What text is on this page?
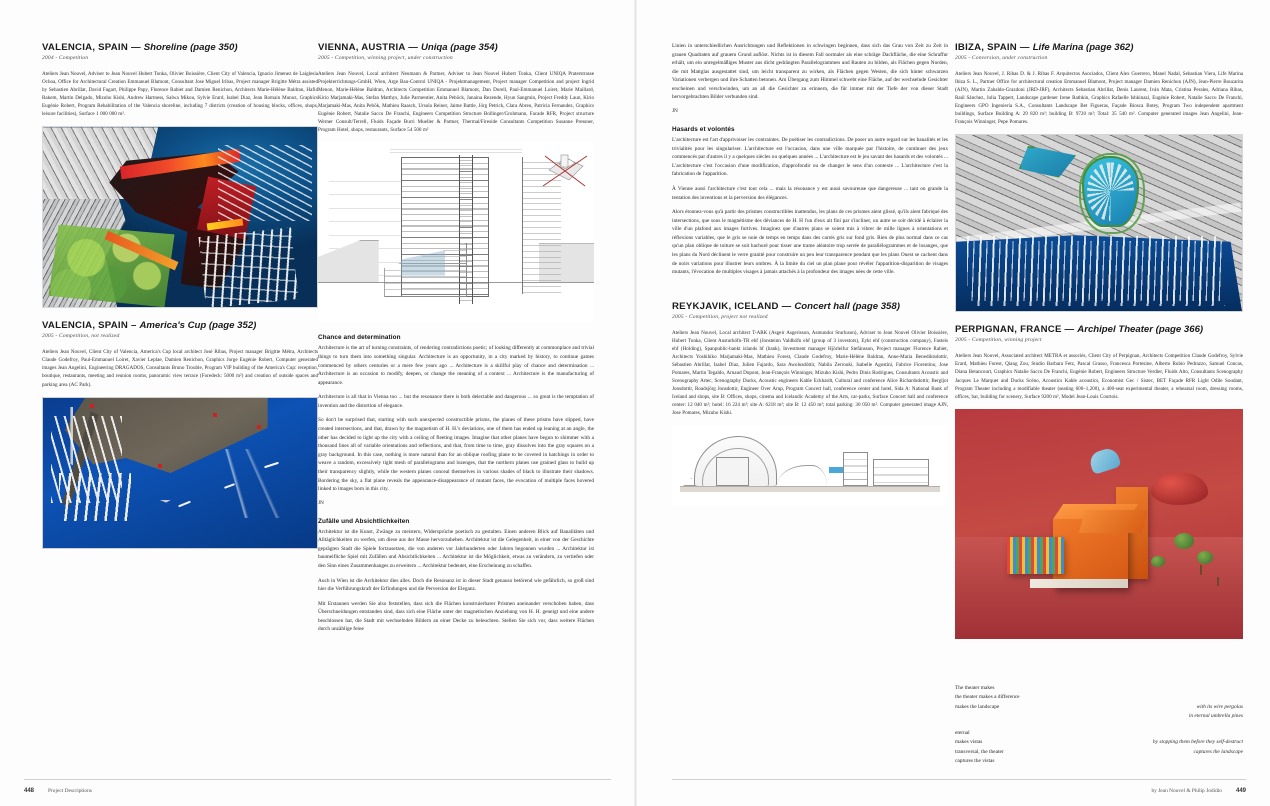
VALENCIA, SPAIN — Shoreline (page 350)
2004 - Competition
Ateliers Jean Nouvel, Adviser to Jean Nouvel Hubert Tonka, Olivier Boissière, Client City of Valencia, Ignacio Jimenez de Laiglesia Ochoa, Office for Architectural Creation Emmanuel Blamont, Consultant Jose Miguel Iribas, Project manager Brigitte Métra assisted by Sebastien Abrillat, David Fagart, Philippe Papy, Florence Rabiet and Damien Renichon, Architects Marie-Hélène Baldran, Hafid Rakem, Martin Delgado, Mizuho Kishi, Andrew Hartness, Salwa Mikou, Sylvie Erard, Isabel Diaz, Jean Romain Munoz, Graphics Eugénie Robert, Program Rehabilitation of the Valencia shoreline, including 7 districts (creation of housing blocks, offices, shops, leisure facilities), Surface 1 000 000 m².
VALENCIA, SPAIN – America's Cup (page 352)
2005 - Competition, not realized
Ateliers Jean Nouvel, Client City of Valencia, America's Cup local architect José Ribas, Project manager Brigitte Métra, Architects Claude Godefroy, Paul-Emmanuel Loiret, Xavier Leplae, Damien Renichon, Graphics Jorge Eugénie Robert, Computer generated images Jean Angelini, Engineering DRAGADOS, Consultants Bruno Trouble, Program VIP building of the America's Cup: reception, boutique, restaurants, meeting and reunion rooms, panoramic view terrace (Foredeck: 5000 m²) and creation of outside spaces and parking area (AC Park).
VIENNA, AUSTRIA — Uniqa (page 354)
2005 - Competition, winning project, under construction
Ateliers Jean Nouvel, Local architect Neumann & Partner, Adviser to Jean Nouvel Hubert Tonka, Client UNIQA Praterstrasse Projekterrichtungs-GmbH, Wien, Arge Bau-Control UNIQA - Projektmanagement, Project manager Competition and project Ingrid Menon, Marie-Hélène Baldran, Architects Competition Emmanuel Blamont, Dan Dorell, Paul-Emmanuel Loiret, Marie Maillard, Kirio Marjamaki-Mas, Stefan Matthys, Julie Parmentier, Anita Peböck, Janaina Rezende, Hyun Sangmin, Project Freddy Laun, Kirio Marjamaki-Mas, Anita Pebök, Mathieu Raasch, Ursula Reiner, Jaime Battle, Jörg Petrick, Clara Abreu, Patricia Fernandez, Graphics Eugénie Robert, Natalie Saccu De Franchi, Engineers Competition Structure Bollinger/Grohmann, Facade RFR, Project structure Werner Consult/Terrell, Fluids Façade Burri Mueller & Partner, Thermal/Fireside Consultants Competition Susanne Pressner, Program Hotel, shops, restaurants, Surface 54 500 m²
Chance and determination
Architecture is the art of turning constraints, of rendering contradictions poetic; of looking differently at commonplace and trivial things to turn them into something singular. Architecture is an opportunity, in a city marked by history, to continue games commenced by others centuries or a mere few years ago ... Architecture is a skillful play of chance and determination ... Architecture is an occasion to modify, deepen, or change the meaning of a context ... Architecture is the manufacturing of appearance.
Architecture is all that in Vienna too ... but the resonance there is both delectable and dangerous ... so great is the temptation of invention and the distortion of elegance.
So don't be surprised that, starting with such unexpected constructible prisms, the planes of these prisms have slipped, have created intersections, and that, drawn by the magnetism of H. H.'s deviations, one of them has ended up leaning at an angle, the other has decided to light up the city with a ceiling of fleeting images. Imagine that other planes have begun to shimmer with a thousand lines all of variable orientations and reflections, and that, from time to time, gray dissolves into the gray squares on a gray background. In this case, nothing is more natural than for an oblique roofing plane to be covered in hatchings in order to weave a random, excessively tight mesh of parallelograms and lozenges, that the northern planes use grained glass to build up their transparency slightly, while the western planes conceal themselves in various shades of black to illustrate their shadows. Bordering the sky, a flat plane reveals the appearance-disappearance of mutant faces, the evocation of multiple faces hovered linked to images born in this city.
JN
Zufälle und Absichtlichkeiten
Architektur ist die Kunst, Zwänge zu meistern, Widersprüche poetisch zu gestalten. Einen anderen Blick auf Banalitäten und Alltäglichkeiten zu werfen, um diese aus der Masse hervorzuheben. Architektur ist die Gelegenheit, in einer von der Geschichte geprägten Stadt die Spiele fortzusetzen, die von anderen vor Jahrhunderten oder Jahren begonnen wurden ... Architektur ist baumeifliche Spiel mit Zufällen und Absichtlichkeiten ... Architektur ist die Möglichkeit, etwas zu verändern, zu vertiefen oder den Sinn eines Zusammenhanges zu erweitern ... Architektur bedeutet, eine Erscheinung zu schaffen.
Auch in Wien ist die Architektur dies alles. Doch die Resonanz ist in dieser Stadt genauso betörend wie gefährlich, so groß sind hier die Verführungskraft der Erfindungen und die Perversion der Eleganz.
Mit Erstaunen werden Sie also feststellen, dass sich die Flächen konstruierbarer Prismen aneinander verschoben haben, dass Überschneidungen entstanden sind, dass sich eine Fläche unter der magnetischen Anziehung von H. H. geneigt und eine andere beschlossen hat, die Stadt mit wechselnden Bildern an einer Decke zu beleuchten. Stellen Sie sich vor, dass weitere Flächen durch unzählige feine
Linien in unterschiedlichen Ausrichtungen und Reflektionen in schwingen beginnen, dass sich das Grau von Zeit zu Zeit in grauen Quadraten auf grauem Grund auflöst. Nichts ist in diesem Fall normaler als eine schräge Dachfläche, die eine Schraffur erhält, um ein unregelmäßiges Muster aus dicht gedrängten Parallelogrammen und Rauten zu bilden, als Flächen gegen Norden, die mit Mattglas ausgestattet sind, um leicht transparent zu wirken, als Flächen gegen Westen, die sich hinter schwarzen Variationen verbergen und ihre Schatten betonen. Am Übergang zum Himmel schwebt eine Fläche, auf der wechselnde Gesichter erscheinen und verschwinden, um an all die Gesichter zu erinnern, die für immer mit der Tiefe der von dieser Stadt hervorgebrachten Bilder verbunden sind.
JN
Hasards et volontés
L'architecture est l'art d'apprivoiser les contraintes. De poétiser les contradictions. De poser un autre regard sur les banalités et les trivialités pour les singulariser. L'architecture est l'occasion, dans une ville marquée par l'histoire, de continuer des jeux commencés par d'autres il y a quelques siècles ou quelques années ... L'architecture est le jeu savant des hasards et des volontés ... L'architecture c'est l'occasion d'une modification, d'approfondir ou de changer le sens d'un contexte ... L'architecture c'est la fabrication de l'apparition.
À Vienne aussi l'architecture c'est tout cela ... mais la résonance y est aussi savoureuse que dangereuse ... tant on grande la tentation des inventions et la perversion des élégances.
Alors étonnez-vous qu'à partir des prismes constructibles inattendus, les plans de ces prismes aient glissé, qu'ils aient fabriqué des intersections, que sous le magnétisme des déviances de H. H l'un d'eux ait fini par s'incliner, un autre se soit décidé à éclairer la ville d'un plafond aux images furtives. Imaginez que d'autres plans se soient mis à vibrer de mille lignes à orientations et réflexions variables, que le gris se noie de temps en temps dans des carrés gris sur fond gris. Rien de plus normal dans ce cas qu'un plan oblique de toiture se soit hachuré pour tisser une trame aléatoire trop serrée de parallélogrammes et de losanges, que les plans du Nord déclinent le verre granité pour construire un peu leur transparence pendant que les plans Ouest se cachent dans de noirs variations pour illustrer leurs ombres. À la limite du ciel un plan plane pour révéler l'apparition-disparition de visages mutants, l'évocation de multiples visages à jamais attachés à la profondeur des images nées de cette ville.
REYKJAVIK, ICELAND — Concert hall (page 358)
2005 - Competition, project not realized
Ateliers Jean Nouvel, Local architect T-ARK (Asgeir Asgerisson, Asmundur Sturluson), Adviser to Jean Nouvel Olivier Boissière, Hubert Tonka, Client Austurhöfn-TR ehf (Jonsteinn Valdhöfn ehf (group of 3 investors), Eykt ehf (construction company), Fasteis ehf (Holding), Spanpublic-bankt islands hf (bank), Investment manager Hjörleifur Stefánsson, Project manager Florence Rabiet, Architects Yoshihiko Marjamaki-Mas, Mathieu Forest, Claude Godefroy, Marie-Hélène Baldran, Anne-Maria Benediktsdottir, Sébastien Abrillat, Isabel Diaz, Julien Fajardo, Sara Awolusdóttir, Nabila Zerrouki, Isabelle Agostini, Fabrice Fiorentino, Jose Pomares, Martin Tegaldo, Arnaud Dupont, Jean-François Winninger, Mizuho Kishi, Pedro Dinis Rodrigues, Consultants Acoustic and Scenography Artec, Scenography Ducks, Acoustic engineers Kahle Eckhardt, Cultural and conference Alice Richardsdottir, Bergljot Jonsdottir, Roadsjörg Jonsdottir, Engineer Over Arup, Program Concert hall, conference center and hotel, Sida A: National Bank of Iceland and shops, site B: Offices, shops, cinema and Icelandic Academy of the Arts, car-parks, Surface Concert hall and conference center: 12 040 m²; hotel: 16 224 m²; site A: 6218 m²; site B: 12 450 m²; total parking: 30 050 m². Computer generated image AJN, Jose Pomares, Mizuho Kishi.
IBIZA, SPAIN — Life Marina (page 362)
2005 - Conversion, under construction
Ateliers Jean Nouvel, J. Ribas D. & J. Ribas F. Arquitectos Asociados, Client Alex Guerrero, Manel Nadal, Sebastian Viera, Life Marina Ibiza S. L., Partner Office for architectural creation Emmanuel Blamont, Project manager Damien Renichon (AJN), Jean-Pierre Bouzarita (AJN), Martin Zabaldo-Grazdoni (JRD-JRF), Architects Sebastian Abrillat, Denis Laurent, Iván Mata, Cristina Perales, Adriana Ribas, Raúl Sánchez, Julia Tappert, Landscape gardener Irene Rathkin, Graphics Rafaelle Ishkinazi, Eugénie Robert, Natalie Saccu De Franchi, Engineers GPO Ingeniería S.A., Consultants Landscape Bet Figueras, Façade Biosca Botey, Program Two independent apartment buildings, Surface Building A: 29 820 m²; building B: 9720 m²; Total: 35 540 m². Computer generated images Jean Angelini, Jean-François Winninger, Pepe Pomares.
PERPIGNAN, FRANCE — Archipel Theater (page 366)
2005 - Competition, winning project
Ateliers Jean Nouvel, Associated architect METRA et associés, Client City of Perpignan, Architects Competition Claude Godefroy, Sylvie Erard, Mathieu Forest, Qiang Zou, Studio Barbara Fetz, Pascal Grasso, Francesca Portesine, Alberto Rubio Pedrazzo, Samuel Concas, Diana Betancourt, Graphics Natalie Saccu De Franchi, Eugénie Robert, Engineers Structure Verdier, Fluids Alto, Consultants Scenography Jacques Le Marquet and Ducks Scéno, Acoustics Kahle acoustics, Economist Gec / Sistec, BET Façade RFR Light Odile Soudant, Program Theater including a modifiable theater (seating 600–1,200), a 400-seat experimental theater, a rehearsal room, dressing rooms, offices, bar, building for scenery, Surface 9200 m², Model Jean-Louis Courtois.
The theater makes
the theater makes a difference
makes the landscape	with its wire pergolas
in eternal umbrella pines
eternal
makes vistas	by stopping them before they self-destruct
transversal, the theater	captures the landscape
captures the vistas
448	Project Descriptions	by Jean Nouvel & Philip Jodidio 449
